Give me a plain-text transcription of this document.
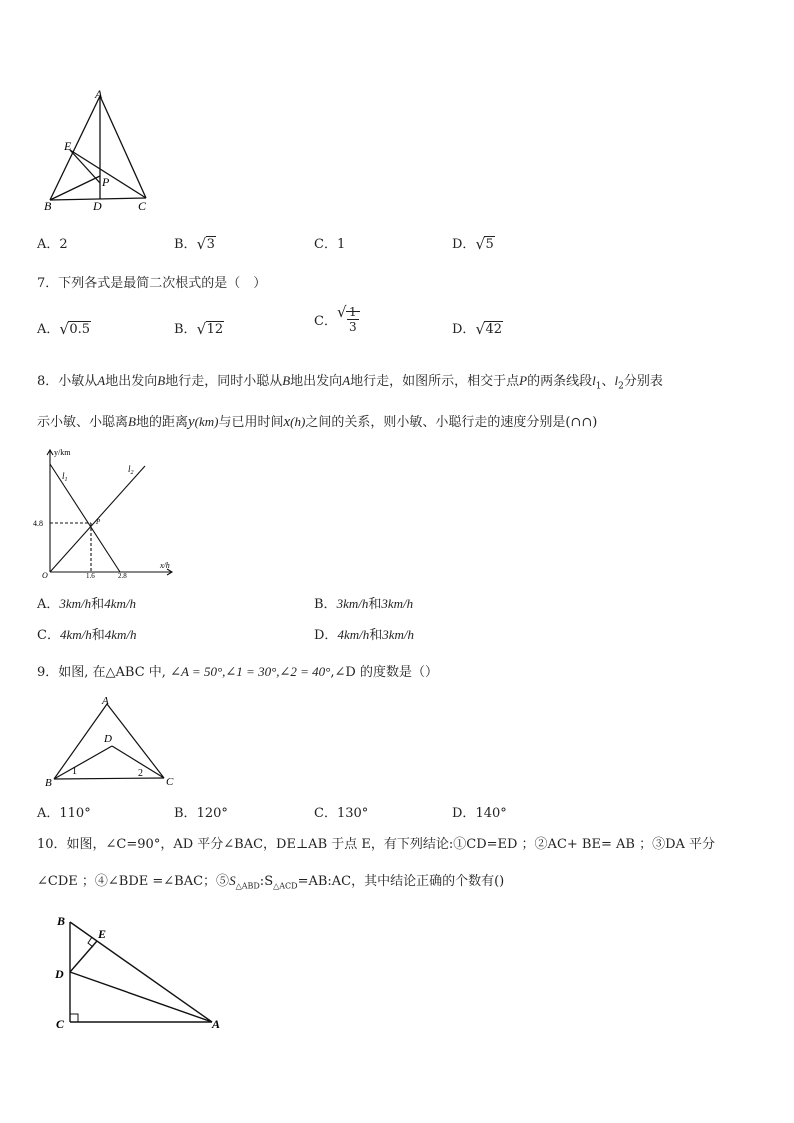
A
E
P
B	D	C
A．2	B． √ 3	C．1	D． √ 5
7．下列各式是最简二次根式的是（　）
A． √ 0.5	B． √ 12
C． √ $\frac{1}{3}$	D． √ 42
8．小敏从A地出发向B地行走，同时小聪从B地出发向A地行走，如图所示，相交于点P的两条线段$l_1$、$l_2$分别表
示小敏、小聪离B地的距离y(km)与已用时间x(h)之间的关系，则小敏、小聪行走的速度分别是(∩∩)
y/km
x/h
O
4.8
1.6	2.8
$l_1$
$l_2$
P
A．3km/h和4km/h	B．3km/h和3km/h
C．4km/h和4km/h	D．4km/h和3km/h
9．如图, 在△ABC 中, ∠A = 50°,∠1 = 30°,∠2 = 40°,∠D 的度数是（）
A
D
B	C
1	2
A．110°	B．120°	C．130°	D．140°
10．如图，∠C=90°，AD 平分∠BAC，DE⊥AB 于点 E，有下列结论:①CD=ED ；②AC+ BE= AB ；③DA 平分
∠CDE ；④∠BDE =∠BAC；$⑤S_{\triangle ABD}:S_{\triangle ACD}=AB:AC$，其中结论正确的个数有()
B
E
D
C	A
